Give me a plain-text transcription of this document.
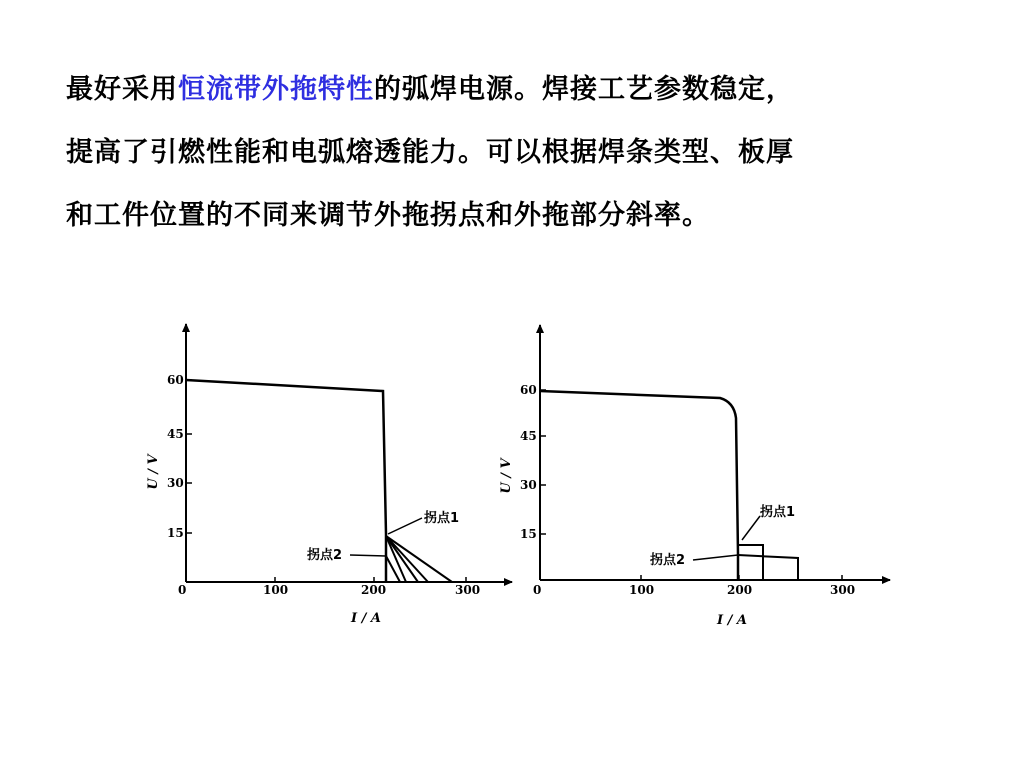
最好采用恒流带外拖特性的弧焊电源。焊接工艺参数稳定，
提高了引燃性能和电弧熔透能力。可以根据焊条类型、板厚
和工件位置的不同来调节外拖拐点和外拖部分斜率。
60
45
30
15
0	100	200	300
U / V
I / A
拐点1
拐点2
60
45
30
15
0	100	200	300
U / V
I / A
拐点1
拐点2
